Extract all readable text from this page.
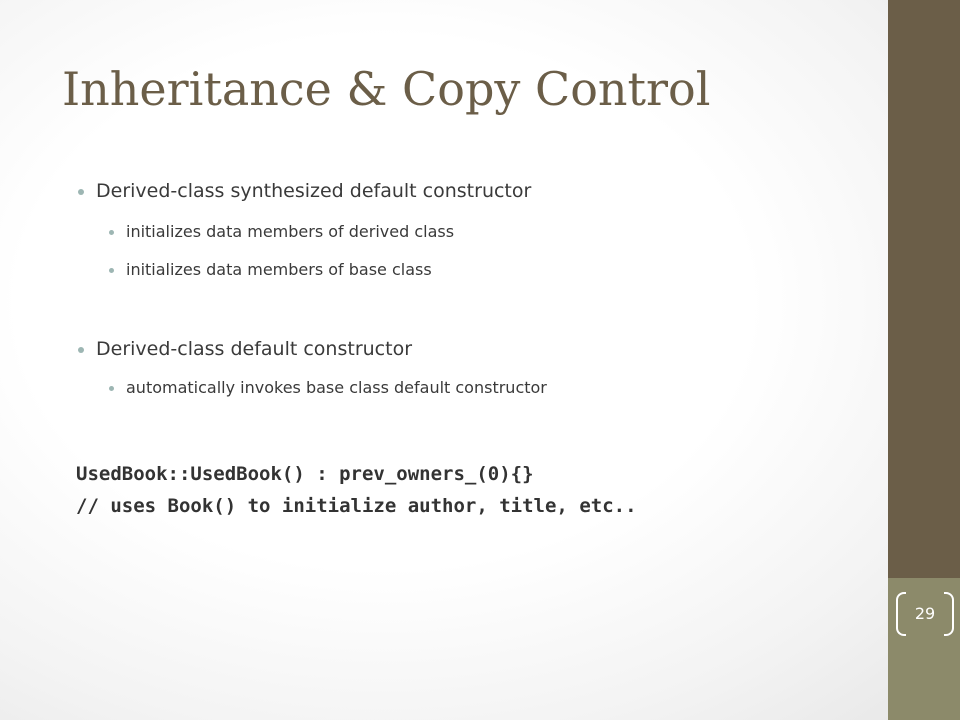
29
Inheritance & Copy Control
Derived-class synthesized default constructor
initializes data members of derived class
initializes data members of base class
Derived-class default constructor
automatically invokes base class default constructor
UsedBook::UsedBook() : prev_owners_(0){}
// uses Book() to initialize author, title, etc..
